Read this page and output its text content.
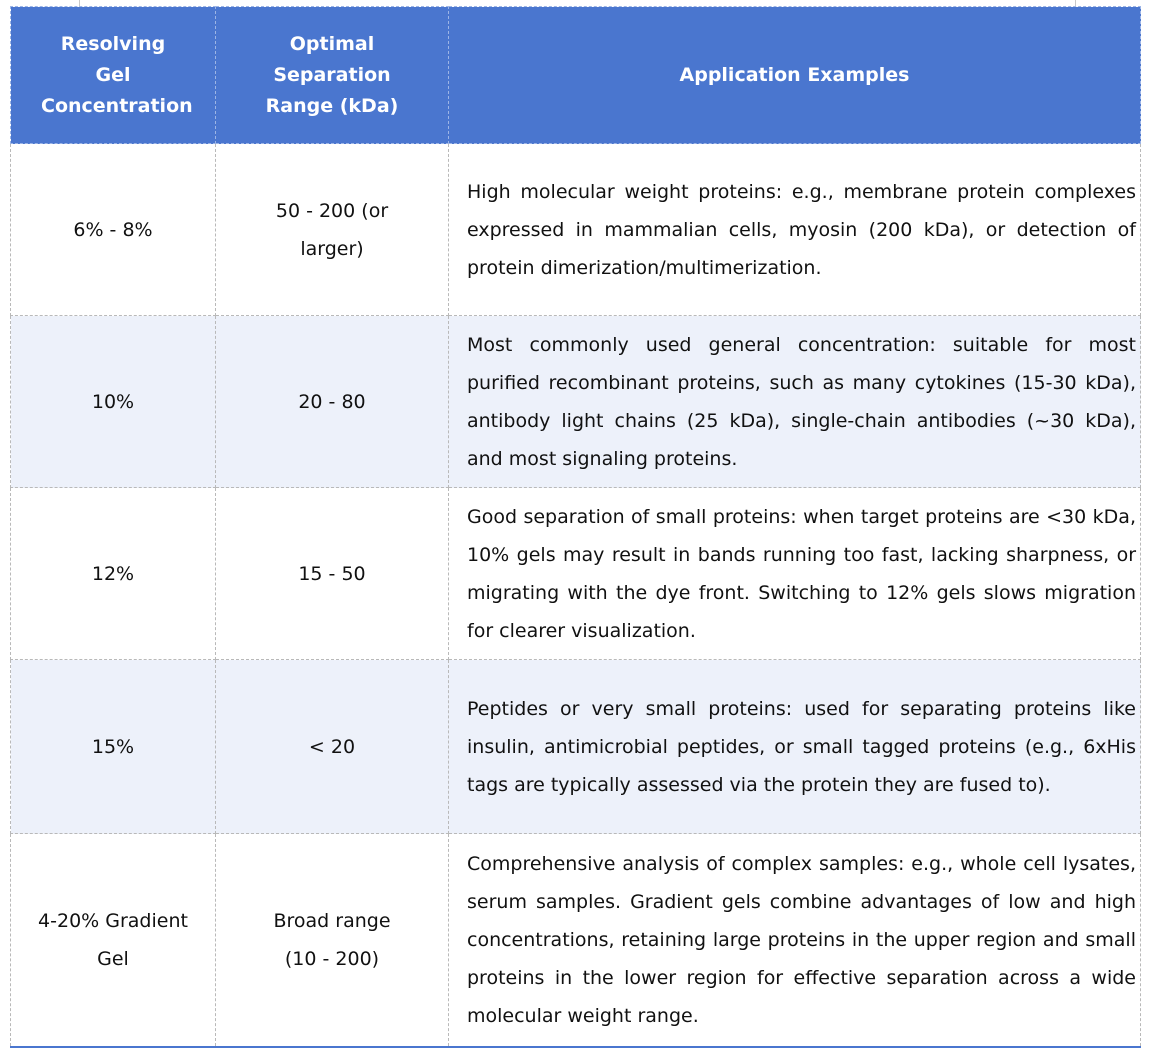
Resolving Gel Concentration	Optimal Separation Range (kDa)	Application Examples
6% - 8%	50 - 200 (or larger)	High molecular weight proteins: e.g., membrane protein complexes expressed in mammalian cells, myosin (200 kDa), or detection of protein dimerization/multimerization.
10%	20 - 80	Most commonly used general concentration: suitable for most purified recombinant proteins, such as many cytokines (15-30 kDa), antibody light chains (25 kDa), single-chain antibodies (~30 kDa), and most signaling proteins.
12%	15 - 50	Good separation of small proteins: when target proteins are <30 kDa, 10% gels may result in bands running too fast, lacking sharpness, or migrating with the dye front. Switching to 12% gels slows migration for clearer visualization.
15%	< 20	Peptides or very small proteins: used for separating proteins like insulin, antimicrobial peptides, or small tagged proteins (e.g., 6xHis tags are typically assessed via the protein they are fused to).
4-20% Gradient Gel	Broad range (10 - 200)	Comprehensive analysis of complex samples: e.g., whole cell lysates, serum samples. Gradient gels combine advantages of low and high concentrations, retaining large proteins in the upper region and small proteins in the lower region for effective separation across a wide molecular weight range.
